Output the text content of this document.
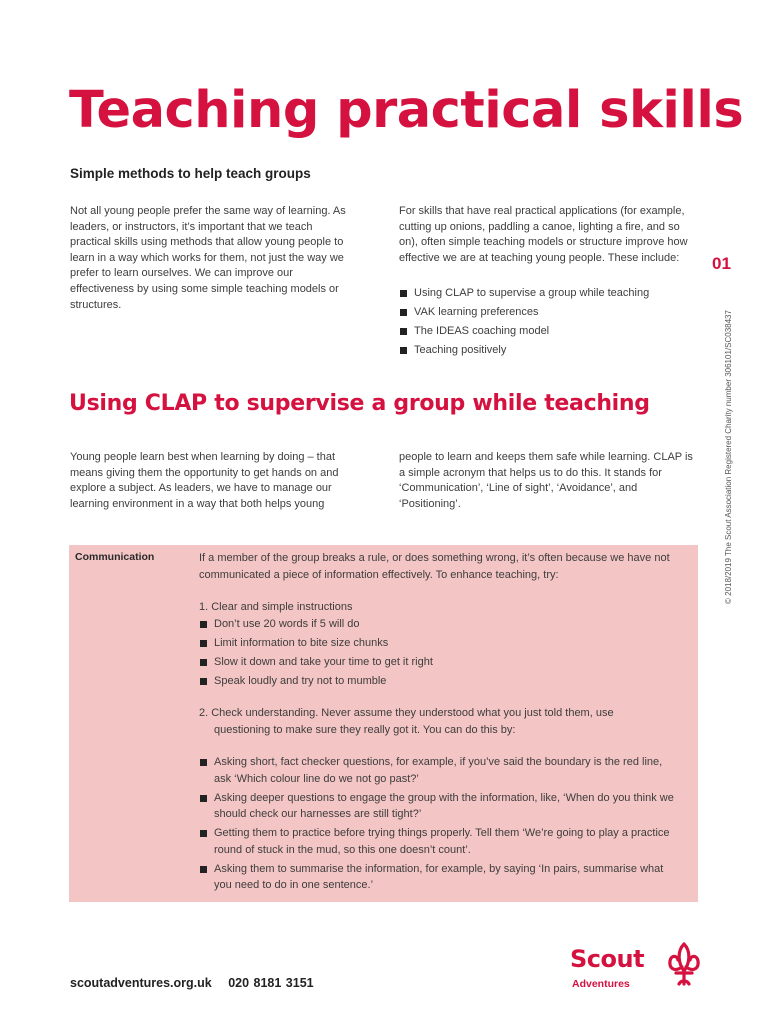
Teaching practical skills

Simple methods to help teach groups

Not all young people prefer the same way of learning. As leaders, or instructors, it’s important that we teach practical skills using methods that allow young people to learn in a way which works for them, not just the way we prefer to learn ourselves. We can improve our effectiveness by using some simple teaching models or structures.

For skills that have real practical applications (for example, cutting up onions, paddling a canoe, lighting a fire, and so on), often simple teaching models or structure improve how effective we are at teaching young people. These include:

Using CLAP to supervise a group while teaching
VAK learning preferences
The IDEAS coaching model
Teaching positively
01
© 2018/2019 The Scout Association Registered Charity number 306101/SC038437
Using CLAP to supervise a group while teaching

Young people learn best when learning by doing – that means giving them the opportunity to get hands on and explore a subject. As leaders, we have to manage our learning environment in a way that both helps young

people to learn and keeps them safe while learning. CLAP is a simple acronym that helps us to do this. It stands for ‘Communication’, ‘Line of sight’, ‘Avoidance’, and ‘Positioning’.

Communication	If a member of the group breaks a rule, or does something wrong, it’s often because we have not communicated a piece of information effectively. To enhance teaching, try:

1. Clear and simple instructions

Don’t use 20 words if 5 will do
Limit information to bite size chunks
Slow it down and take your time to get it right
Speak loudly and try not to mumble

2. Check understanding. Never assume they understood what you just told them, use

questioning to make sure they really got it. You can do this by:

Asking short, fact checker questions, for example, if you’ve said the boundary is the red line, ask ‘Which colour line do we not go past?’
Asking deeper questions to engage the group with the information, like, ‘When do you think we should check our harnesses are still tight?’
Getting them to practice before trying things properly. Tell them ‘We’re going to play a practice round of stuck in the mud, so this one doesn’t count’.
Asking them to summarise the information, for example, by saying ‘In pairs, summarise what you need to do in one sentence.’
scoutadventures.org.uk 020 8181 3151
Scout
Adventures
